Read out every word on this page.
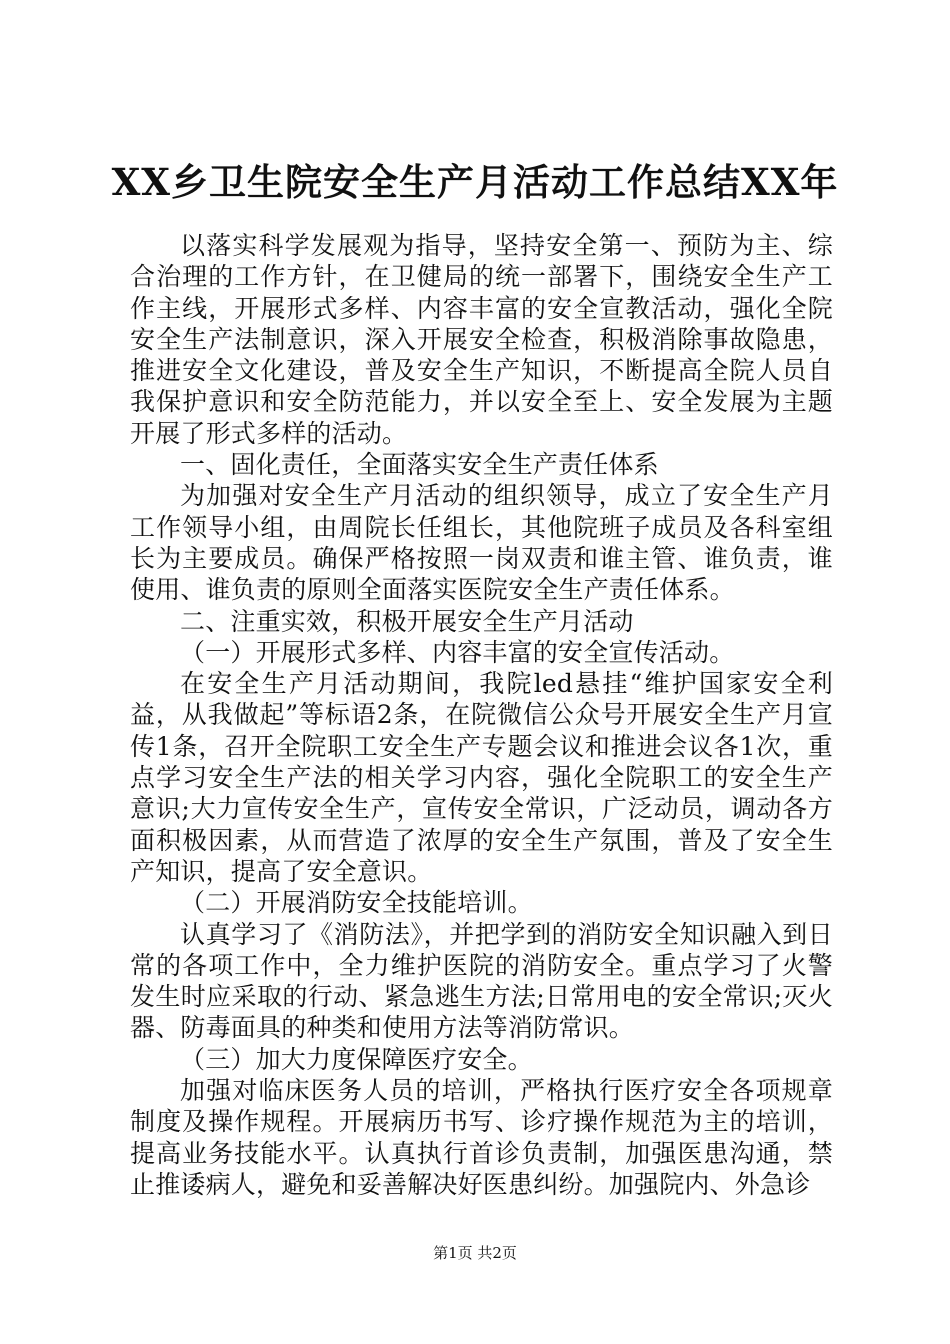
XX乡卫生院安全生产月活动工作总结XX年

以落实科学发展观为指导，坚持安全第一、预防为主、综合治理的工作方针，在卫健局的统一部署下，围绕安全生产工作主线，开展形式多样、内容丰富的安全宣教活动，强化全院安全生产法制意识，深入开展安全检查，积极消除事故隐患，推进安全文化建设，普及安全生产知识，不断提高全院人员自我保护意识和安全防范能力，并以安全至上、安全发展为主题开展了形式多样的活动。

一、固化责任，全面落实安全生产责任体系

为加强对安全生产月活动的组织领导，成立了安全生产月工作领导小组，由周院长任组长，其他院班子成员及各科室组长为主要成员。确保严格按照一岗双责和谁主管、谁负责，谁使用、谁负责的原则全面落实医院安全生产责任体系。

二、注重实效，积极开展安全生产月活动

（一）开展形式多样、内容丰富的安全宣传活动。

在安全生产月活动期间，我院led悬挂“维护国家安全利益，从我做起”等标语2条，在院微信公众号开展安全生产月宣传1条，召开全院职工安全生产专题会议和推进会议各1次，重点学习安全生产法的相关学习内容，强化全院职工的安全生产意识;大力宣传安全生产，宣传安全常识，广泛动员，调动各方面积极因素，从而营造了浓厚的安全生产氛围，普及了安全生产知识，提高了安全意识。

（二）开展消防安全技能培训。

认真学习了《消防法》，并把学到的消防安全知识融入到日常的各项工作中，全力维护医院的消防安全。重点学习了火警发生时应采取的行动、紧急逃生方法;日常用电的安全常识;灭火器、防毒面具的种类和使用方法等消防常识。

（三）加大力度保障医疗安全。

加强对临床医务人员的培训，严格执行医疗安全各项规章制度及操作规程。开展病历书写、诊疗操作规范为主的培训，提高业务技能水平。认真执行首诊负责制，加强医患沟通，禁止推诿病人，避免和妥善解决好医患纠纷。加强院内、外急诊

第1页 共2页
